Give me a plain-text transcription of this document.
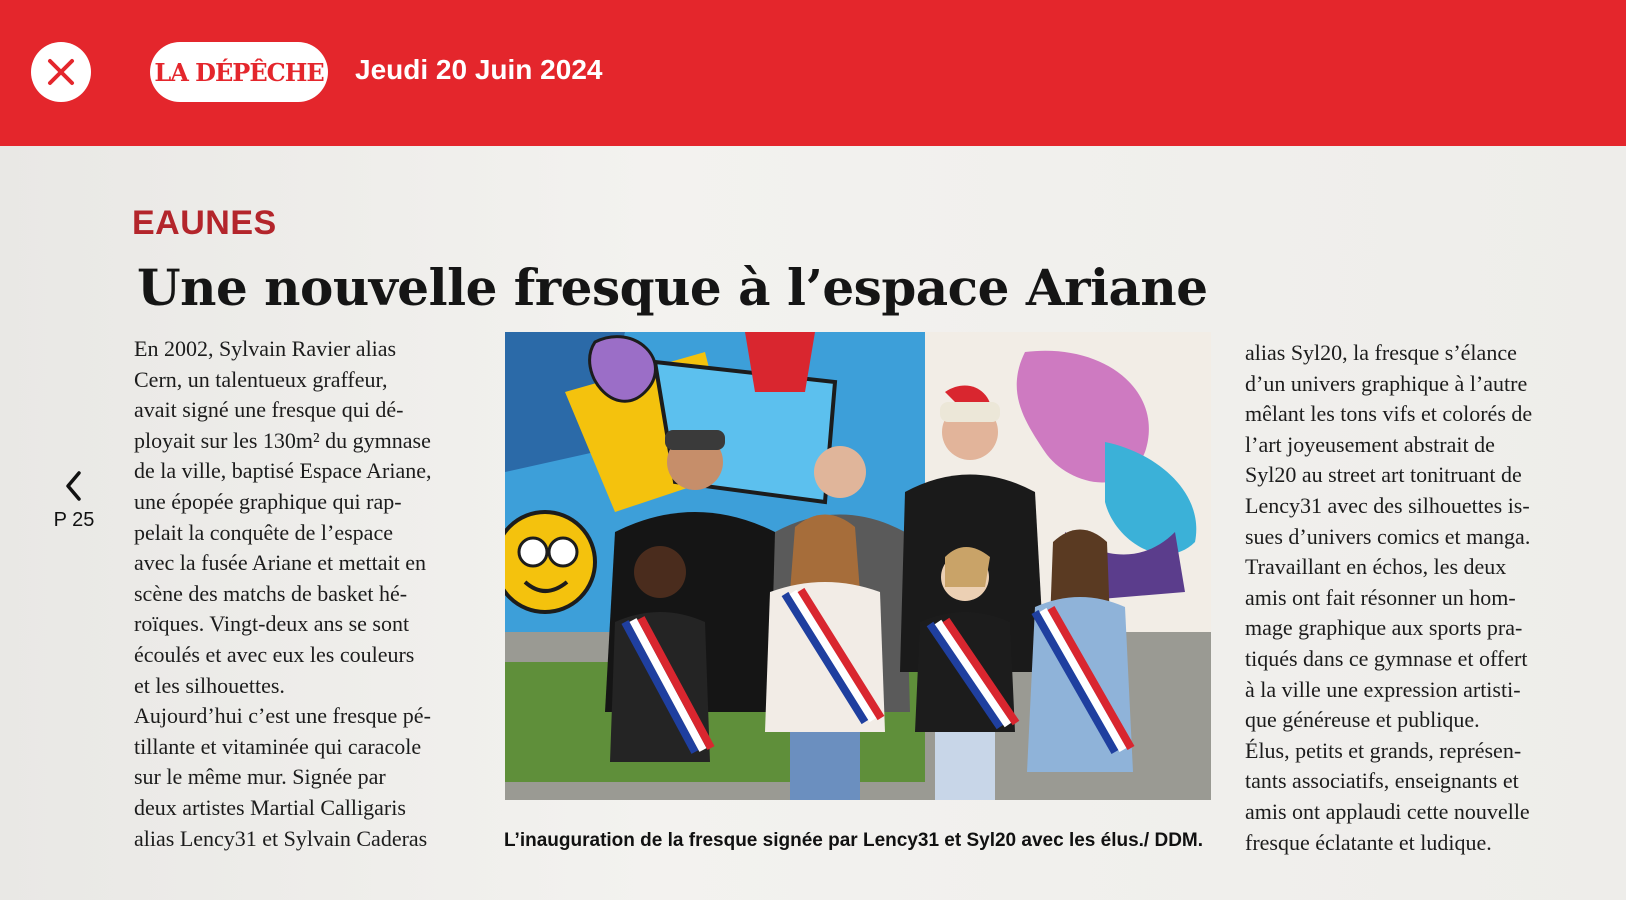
LA DÉPÊCHE Jeudi 20 Juin 2024
P 25
EAUNES
Une nouvelle fresque à l’espace Ariane

En 2002, Sylvain Ravier alias

Cern, un talentueux graffeur,

avait signé une fresque qui dé-

ployait sur les 130m² du gymnase

de la ville, baptisé Espace Ariane,

une épopée graphique qui rap-

pelait la conquête de l’espace

avec la fusée Ariane et mettait en

scène des matchs de basket hé-

roïques. Vingt-deux ans se sont

écoulés et avec eux les couleurs

et les silhouettes.

Aujourd’hui c’est une fresque pé-

tillante et vitaminée qui caracole

sur le même mur. Signée par

deux artistes Martial Calligaris

alias Lency31 et Sylvain Caderas	L’inauguration de la fresque signée par Lency31 et Syl20 avec les élus./ DDM.

alias Syl20, la fresque s’élance

d’un univers graphique à l’autre

mêlant les tons vifs et colorés de

l’art joyeusement abstrait de

Syl20 au street art tonitruant de

Lency31 avec des silhouettes is-

sues d’univers comics et manga.

Travaillant en échos, les deux

amis ont fait résonner un hom-

mage graphique aux sports pra-

tiqués dans ce gymnase et offert

à la ville une expression artisti-

que généreuse et publique.

Élus, petits et grands, représen-

tants associatifs, enseignants et

amis ont applaudi cette nouvelle

fresque éclatante et ludique.
